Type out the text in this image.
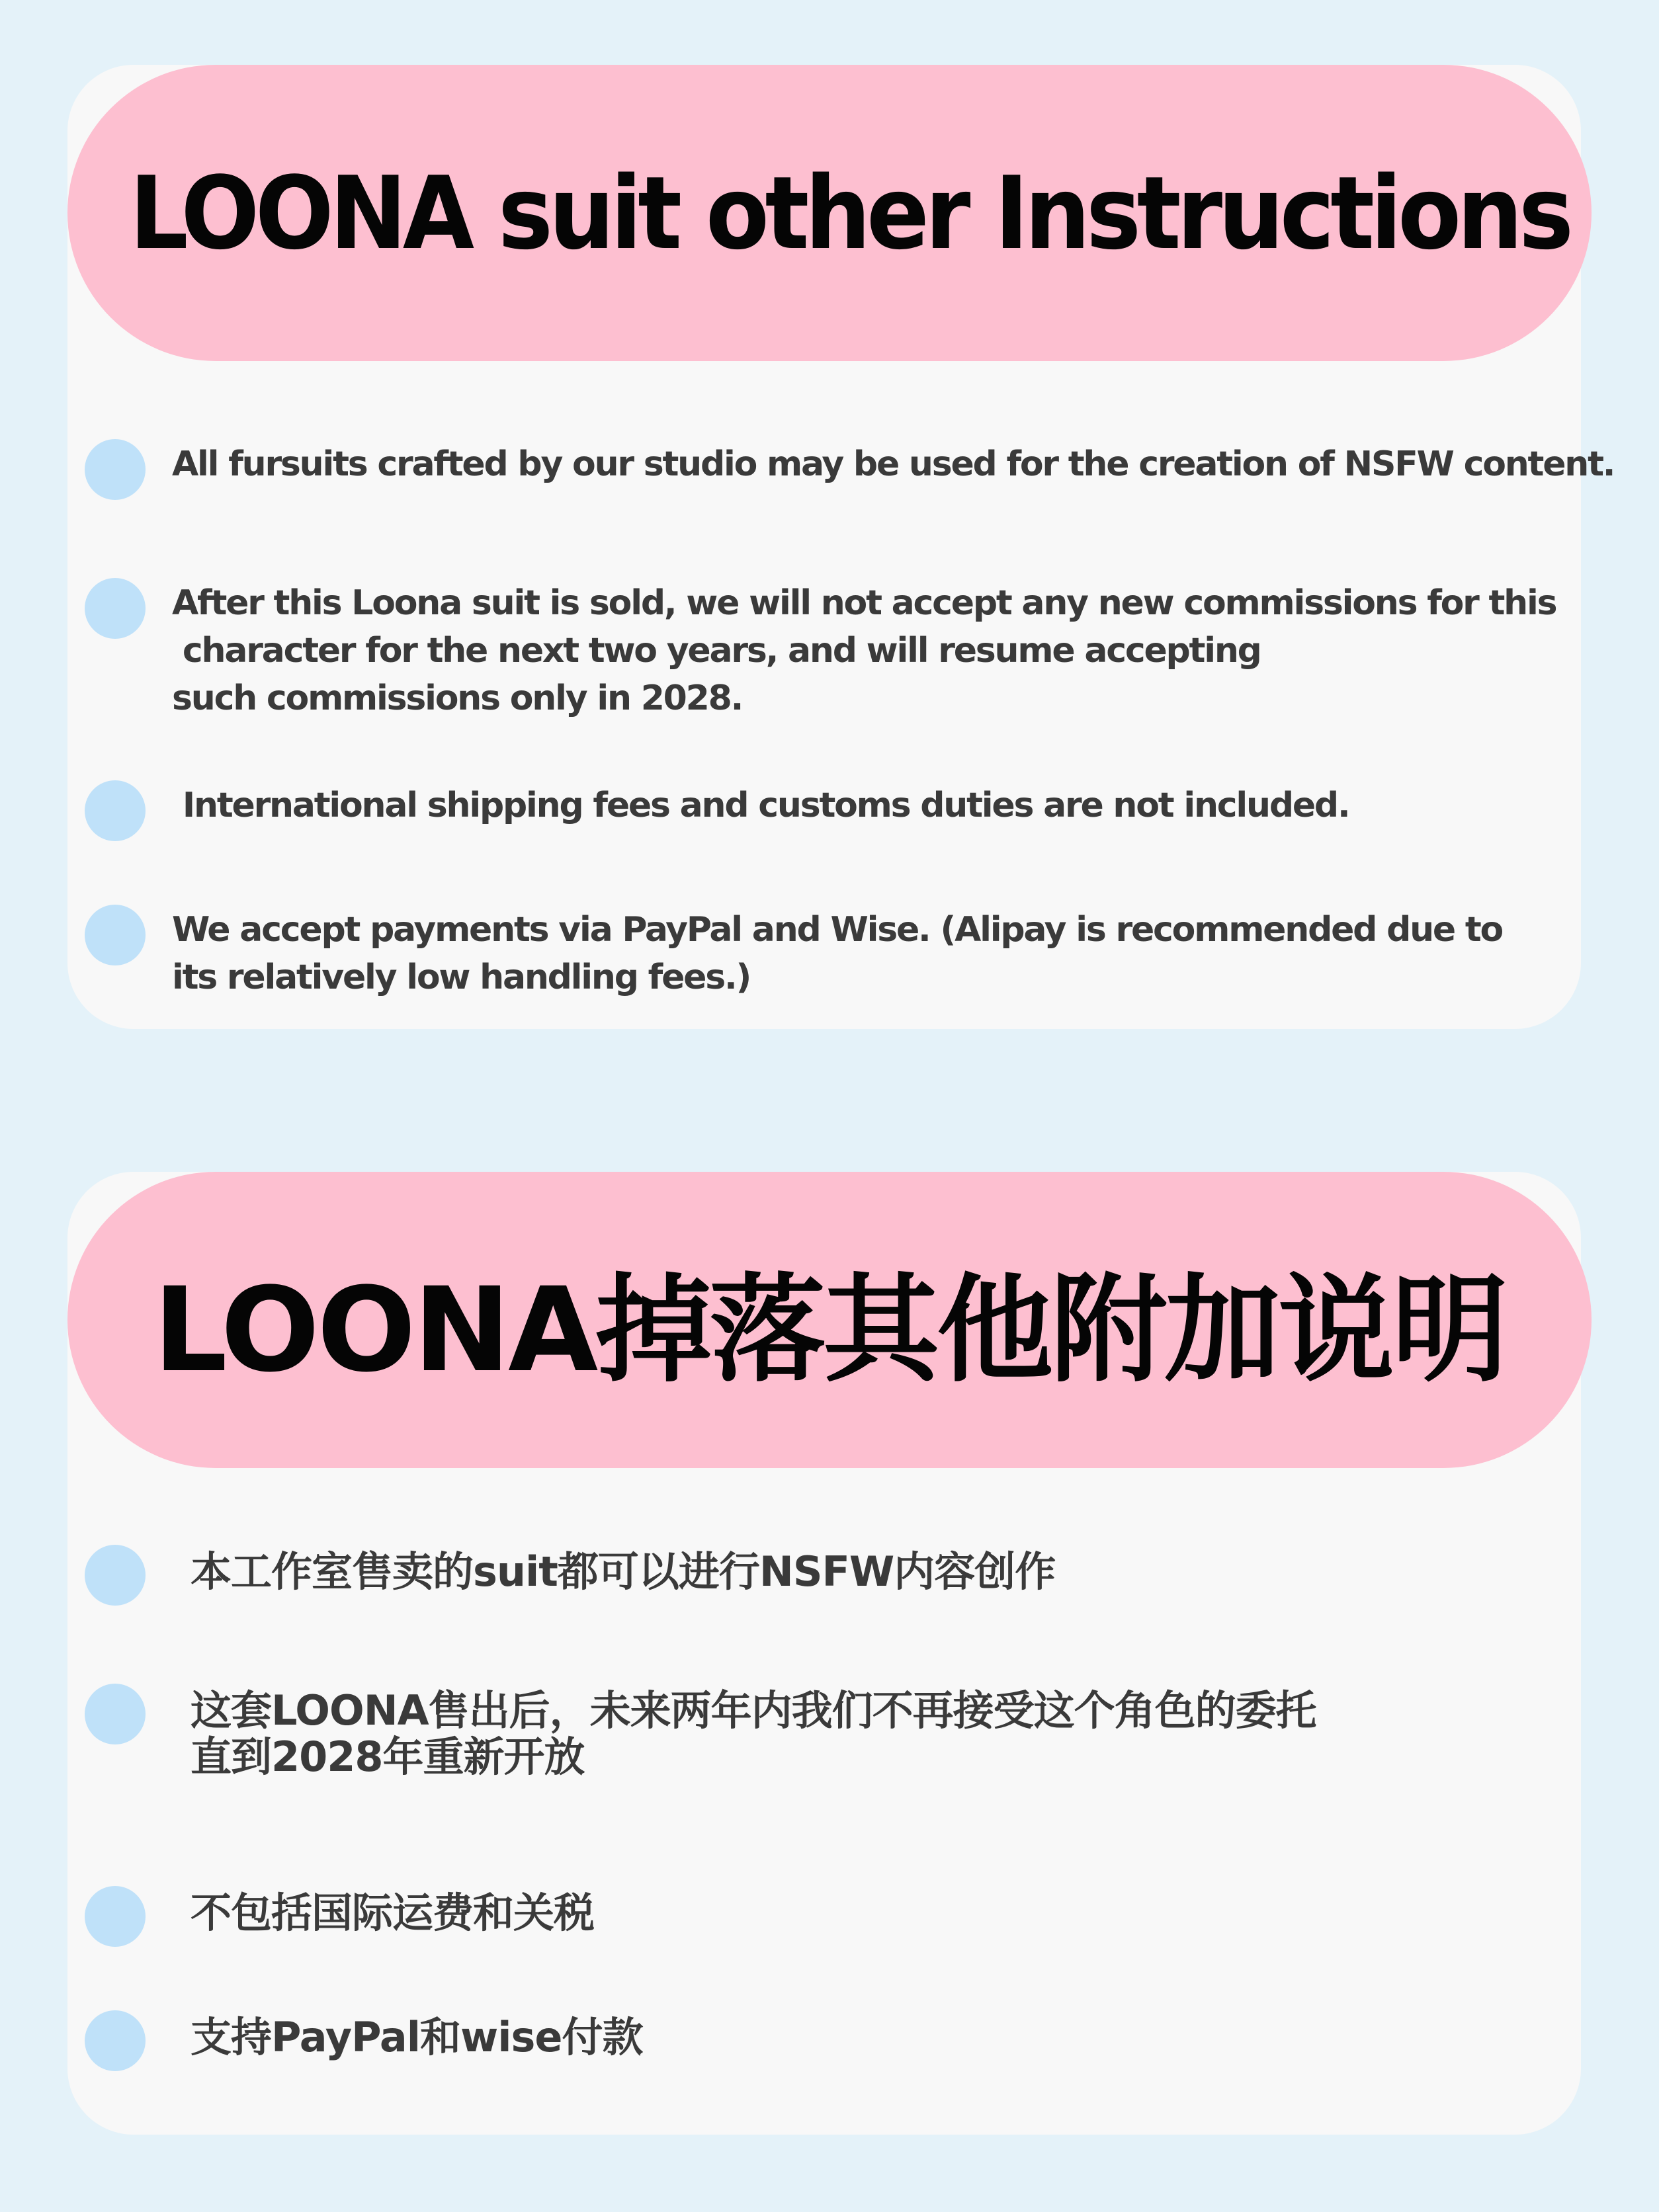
LOONA suit other Instructions
All fursuits crafted by our studio may be used for the creation of NSFW content.
After this Loona suit is sold, we will not accept any new commissions for this
character for the next two years, and will resume accepting
such commissions only in 2028.
International shipping fees and customs duties are not included.
We accept payments via PayPal and Wise. (Alipay is recommended due to
its relatively low handling fees.)
LOONA掉落其他附加说明
本工作室售卖的suit都可以进行NSFW内容创作
这套LOONA售出后，未来两年内我们不再接受这个角色的委托
直到2028年重新开放
不包括国际运费和关税
支持PayPal和wise付款
